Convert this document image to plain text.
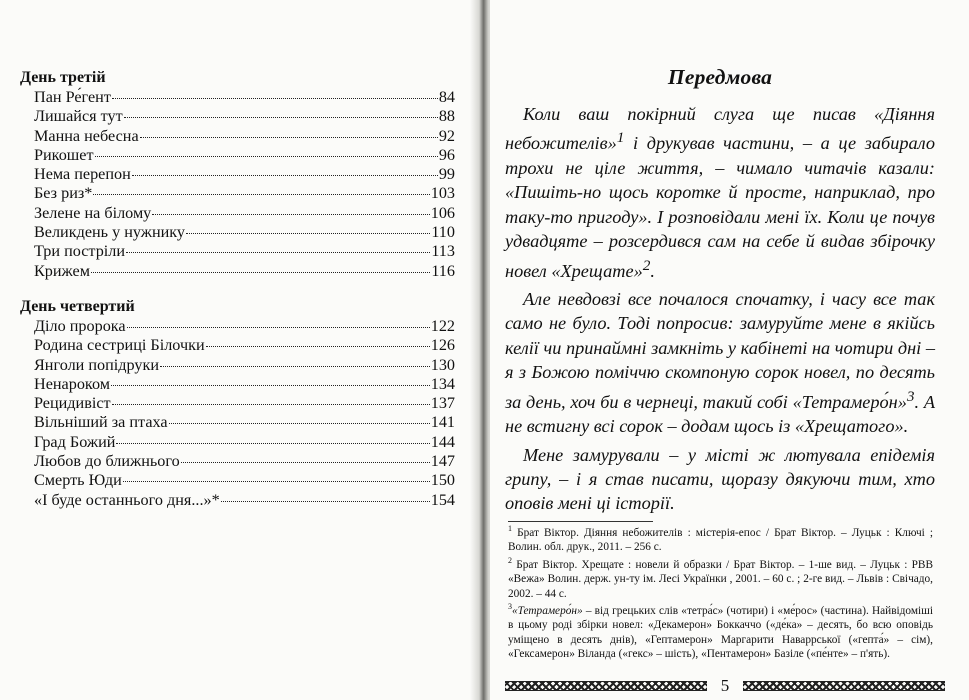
День третій
Пан Ре́гент	84
Лишайся тут	88
Манна небесна	92
Рикошет	96
Нема перепон	99
Без риз*	103
Зелене на білому	106
Великдень у нужнику	110
Три постріли	113
Крижем	116
День четвертий
Діло пророка	122
Родина сестриці Білочки	126
Янголи попідруки	130
Ненароком	134
Рецидивіст	137
Вільніший за птаха	141
Град Божий	144
Любов до ближнього	147
Смерть Юди	150
«І буде останнього дня...»*	154
Передмова

Коли ваш покірний слуга ще писав «Діяння небожителів»$^1$ і друкував частини, – а це забирало трохи не ціле життя, – чимало читачів казали: «Пишіть-но щось коротке й просте, наприклад, про таку-то пригоду». І розповідали мені їх. Коли це почув удвадцяте – розсердився сам на себе й видав збірочку новел «Хрещате»$^2$.

Але невдовзі все почалося спочатку, і часу все так само не було. Тоді попросив: замуруйте мене в якійсь келії чи принаймні замкніть у кабінеті на чотири дні – я з Божою поміччю скомпоную сорок новел, по десять за день, хоч би в чернеці, такий собі «Тетрамеро́н»$^3$. А не встигну всі сорок – додам щось із «Хрещатого».

Мене замурували – у місті ж лютувала епідемія грипу, – і я став писати, щоразу дякуючи тим, хто оповів мені ці історії.

$^1$ Брат Віктор. Діяння небожителів : містерія-епос / Брат Віктор. – Луцьк : Ключі ; Волин. обл. друк., 2011. – 256 с.

$^2$ Брат Віктор. Хрещате : новели й образки / Брат Віктор. – 1-ше вид. – Луцьк : РВВ «Вежа» Волин. держ. ун-ту ім. Лесі Українки , 2001. – 60 с. ; 2-ге вид. – Львів : Свічадо, 2002. – 44 с.

$^3$«Тетрамеро́н» – від грецьких слів «тетра́с» (чотири) і «ме́рос» (частина). Найвідоміші в цьому роді збірки новел: «Декамерон» Боккаччо («де́ка» – десять, бо всю оповідь уміщено в десять днів), «Гептамерон» Маргарити Наваррської («гепта́» – сім), «Гексамерон» Віланда («гекс» – шість), «Пентамерон» Базіле («пе́нте» – п'ять).

5
